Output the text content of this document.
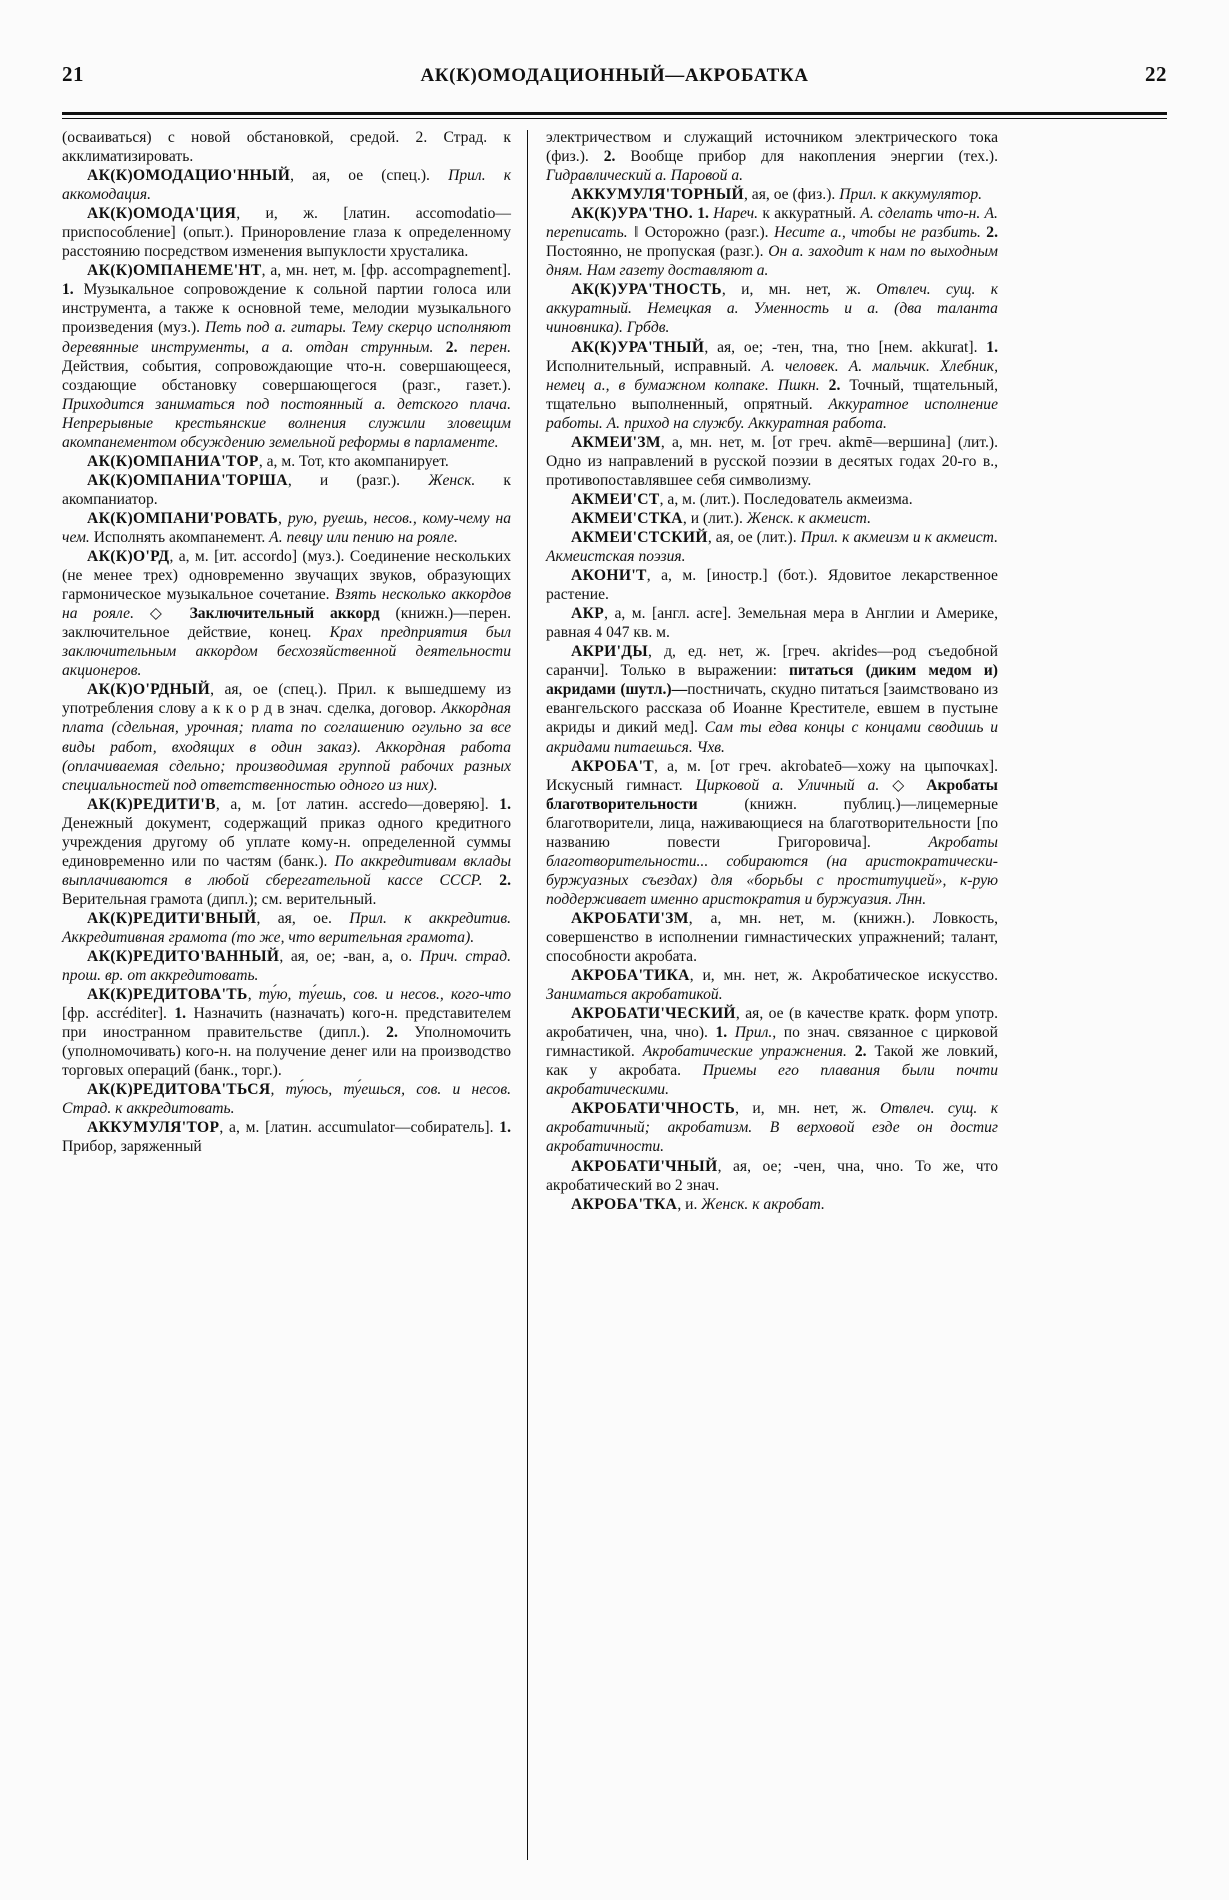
21	АК(К)ОМОДАЦИОННЫЙ—АКРОБАТКА	22

(осваиваться) с новой обстановкой, средой. 2. Страд. к акклиматизировать.

АК(К)ОМОДАЦИО'ННЫЙ, ая, ое (спец.). Прил. к аккомодация.

АК(К)ОМОДА'ЦИЯ, и, ж. [латин. accomodatio—приспособление] (опыт.). Приноровление глаза к определенному расстоянию посредством изменения выпуклости хрусталика.

АК(К)ОМПАНЕМЕ'НТ, а, мн. нет, м. [фр. accompagnement]. 1. Музыкальное сопровождение к сольной партии голоса или инструмента, а также к основной теме, мелодии музыкального произведения (муз.). Петь под а. гитары. Тему скерцо исполняют деревянные инструменты, а а. отдан струнным. 2. перен. Действия, события, сопровождающие что-н. совершающееся, создающие обстановку совершающегося (разг., газет.). Приходится заниматься под постоянный а. детского плача. Непрерывные крестьянские волнения служили зловещим акомпанементом обсуждению земельной реформы в парламенте.

АК(К)ОМПАНИА'ТОР, а, м. Тот, кто акомпанирует.

АК(К)ОМПАНИА'ТОРША, и (разг.). Женск. к акомпаниатор.

АК(К)ОМПАНИ'РОВАТЬ, рую, руешь, несов., кому-чему на чем. Исполнять акомпанемент. А. певцу или пению на рояле.

АК(К)О'РД, а, м. [ит. accordo] (муз.). Соединение нескольких (не менее трех) одновременно звучащих звуков, образующих гармоническое музыкальное сочетание. Взять несколько аккордов на рояле. ◇ Заключительный аккорд (книжн.)—перен. заключительное действие, конец. Крах предприятия был заключительным аккордом бесхозяйственной деятельности акционеров.

АК(К)О'РДНЫЙ, ая, ое (спец.). Прил. к вышедшему из употребления слову а к к о р д в знач. сделка, договор. Аккордная плата (сдельная, урочная; плата по соглашению огульно за все виды работ, входящих в один заказ). Аккордная работа (оплачиваемая сдельно; производимая группой рабочих разных специальностей под ответственностью одного из них).

АК(К)РЕДИТИ'В, а, м. [от латин. accredo—доверяю]. 1. Денежный документ, содержащий приказ одного кредитного учреждения другому об уплате кому-н. определенной суммы единовременно или по частям (банк.). По аккредитивам вклады выплачиваются в любой сберегательной кассе СССР. 2. Верительная грамота (дипл.); см. верительный.

АК(К)РЕДИТИ'ВНЫЙ, ая, ое. Прил. к аккредитив. Аккредитивная грамота (то же, что верительная грамота).

АК(К)РЕДИТО'ВАННЫЙ, ая, ое; -ван, а, о. Прич. страд. прош. вр. от аккредитовать.

АК(К)РЕДИТОВА'ТЬ, ту́ю, ту́ешь, сов. и несов., кого-что [фр. accréditer]. 1. Назначить (назначать) кого-н. представителем при иностранном правительстве (дипл.). 2. Уполномочить (уполномочивать) кого-н. на получение денег или на производство торговых операций (банк., торг.).

АК(К)РЕДИТОВА'ТЬСЯ, ту́юсь, ту́ешься, сов. и несов. Страд. к аккредитовать.

АККУМУЛЯ'ТОР, а, м. [латин. accumulator—собиратель]. 1. Прибор, заряженный

электричеством и служащий источником электрического тока (физ.). 2. Вообще прибор для накопления энергии (тех.). Гидравлический а. Паровой а.

АККУМУЛЯ'ТОРНЫЙ, ая, ое (физ.). Прил. к аккумулятор.

АК(К)УРА'ТНО. 1. Нареч. к аккуратный. А. сделать что-н. А. переписать. ‖ Осторожно (разг.). Несите а., чтобы не разбить. 2. Постоянно, не пропуская (разг.). Он а. заходит к нам по выходным дням. Нам газету доставляют а.

АК(К)УРА'ТНОСТЬ, и, мн. нет, ж. Отвлеч. сущ. к аккуратный. Немецкая а. Уменность и а. (два таланта чиновника). Грбдв.

АК(К)УРА'ТНЫЙ, ая, ое; -тен, тна, тно [нем. akkurat]. 1. Исполнительный, исправный. А. человек. А. мальчик. Хлебник, немец а., в бумажном колпаке. Пшкн. 2. Точный, тщательный, тщательно выполненный, опрятный. Аккуратное исполнение работы. А. приход на службу. Аккуратная работа.

АКМЕИ'ЗМ, а, мн. нет, м. [от греч. akmē—вершина] (лит.). Одно из направлений в русской поэзии в десятых годах 20-го в., противопоставлявшее себя символизму.

АКМЕИ'СТ, а, м. (лит.). Последователь акмеизма.

АКМЕИ'СТКА, и (лит.). Женск. к акмеист.

АКМЕИ'СТСКИЙ, ая, ое (лит.). Прил. к акмеизм и к акмеист. Акмеистская поэзия.

АКОНИ'Т, а, м. [иностр.] (бот.). Ядовитое лекарственное растение.

АКР, а, м. [англ. acre]. Земельная мера в Англии и Америке, равная 4 047 кв. м.

АКРИ'ДЫ, д, ед. нет, ж. [греч. akrides—род съедобной саранчи]. Только в выражении: питаться (диким медом и) акридами (шутл.)—постничать, скудно питаться [заимствовано из евангельского рассказа об Иоанне Крестителе, евшем в пустыне акриды и дикий мед]. Сам ты едва концы с концами сводишь и акридами питаешься. Чхв.

АКРОБА'Т, а, м. [от греч. akrobateō—хожу на цыпочках]. Искусный гимнаст. Цирковой а. Уличный а. ◇ Акробаты благотворительности	(книжн. публиц.)—лицемерные благотворители, лица, наживающиеся на благотворительности [по названию повести Григоровича].	Акробаты благотворительности... собираются (на аристократически-буржуазных съездах) для «борьбы с проституцией», к-рую поддерживает именно аристократия и буржуазия. Лнн.

АКРОБАТИ'ЗМ, а, мн. нет, м. (книжн.). Ловкость, совершенство в исполнении гимнастических упражнений; талант, способности акробата.

АКРОБА'ТИКА, и, мн. нет, ж. Акробатическое искусство. Заниматься акробатикой.

АКРОБАТИ'ЧЕСКИЙ, ая, ое (в качестве кратк. форм употр. акробатичен, чна, чно). 1. Прил., по знач. связанное с цирковой гимнастикой. Акробатические упражнения. 2. Такой же ловкий, как у акробата. Приемы его плавания были почти акробатическими.

АКРОБАТИ'ЧНОСТЬ, и, мн. нет, ж. Отвлеч. сущ. к акробатичный; акробатизм. В верховой езде он достиг акробатичности.

АКРОБАТИ'ЧНЫЙ, ая, ое; -чен, чна, чно. То же, что акробатический во 2 знач.

АКРОБА'ТКА, и. Женск. к акробат.
